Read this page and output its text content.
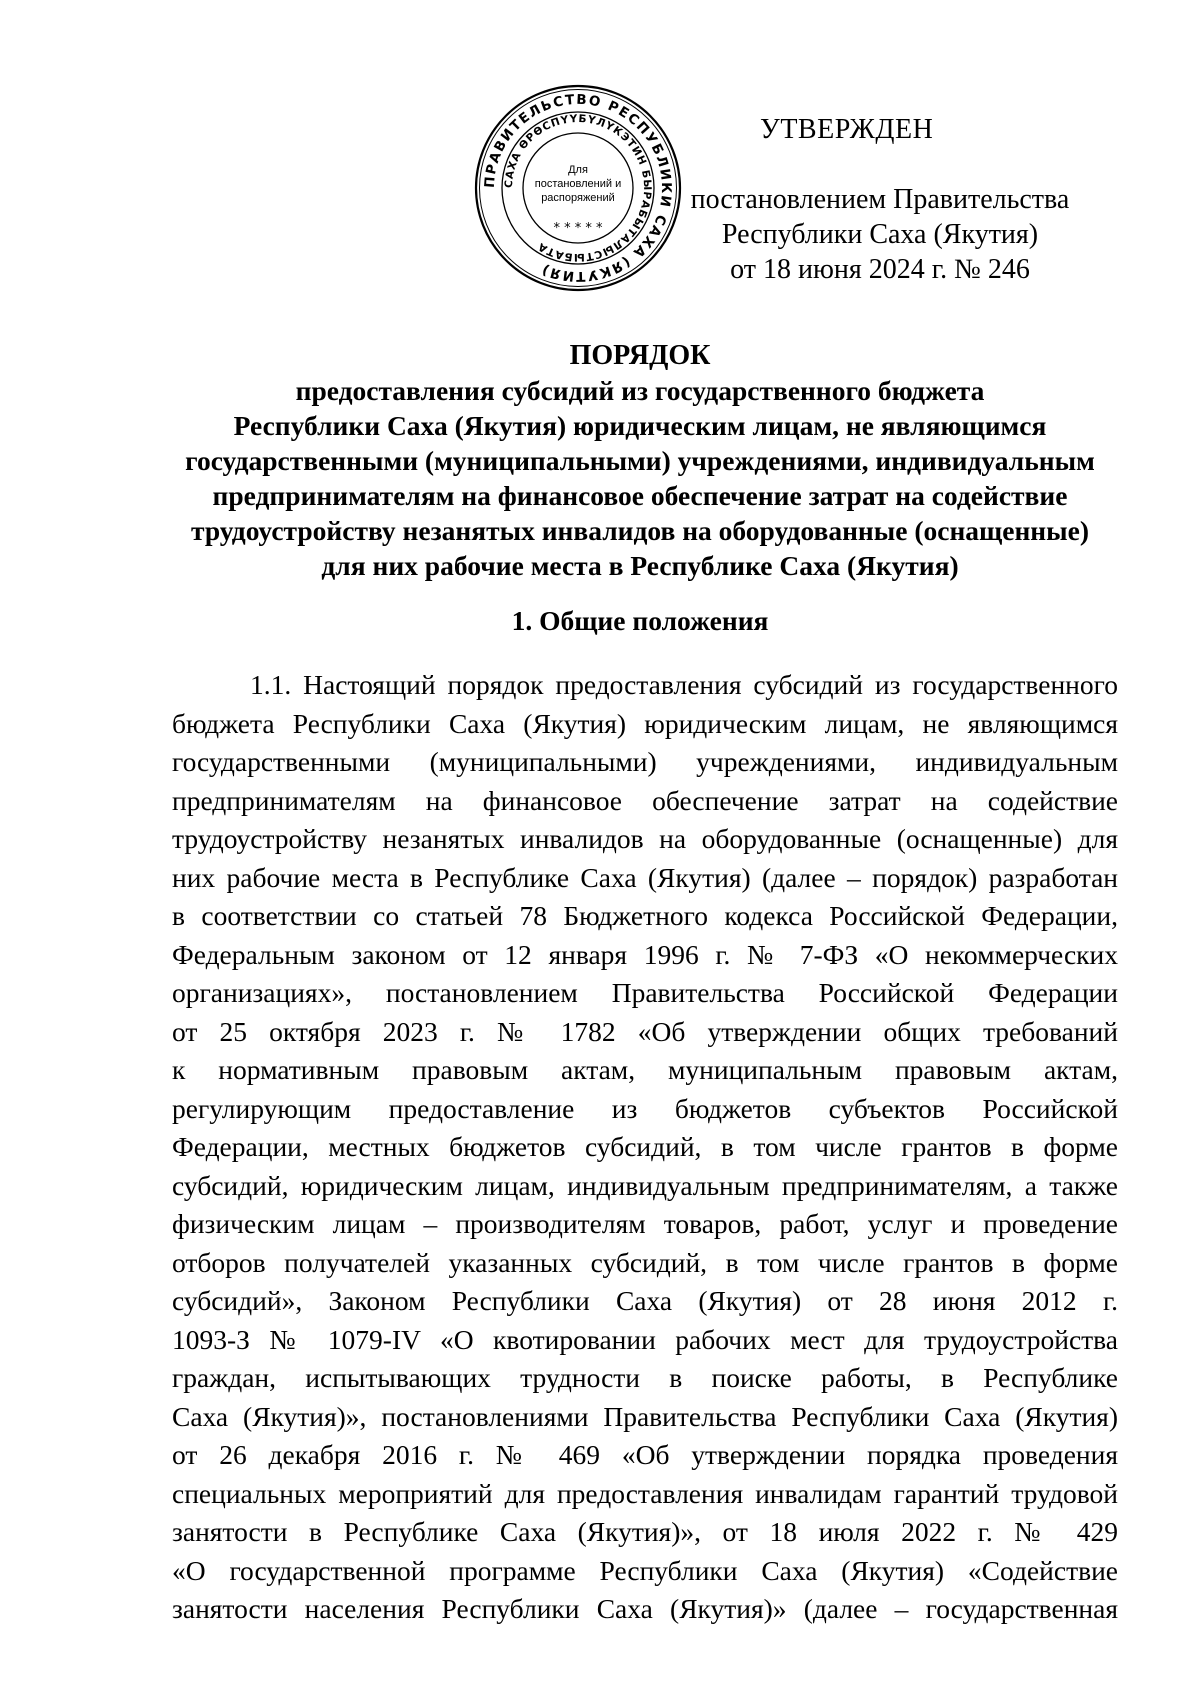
ПРАВИТЕЛЬСТВО РЕСПУБЛИКИ САХА (ЯКУТИЯ)
САХА ӨРӨСПҮҮБҮЛҮКЭТИН БЫРАБЫТАЛЫСТЫБАТА
Для
постановлений и
распоряжений
* * * * *
УТВЕРЖДЕН
постановлением Правительства
Республики Саха (Якутия)
от 18 июня 2024 г. № 246
ПОРЯДОК
предоставления субсидий из государственного бюджета
Республики Саха (Якутия) юридическим лицам, не являющимся
государственными (муниципальными) учреждениями, индивидуальным
предпринимателям на финансовое обеспечение затрат на содействие
трудоустройству незанятых инвалидов на оборудованные (оснащенные)
для них рабочие места в Республике Саха (Якутия)
1. Общие положения
1.1. Настоящий порядок предоставления субсидий из государственного
бюджета Республики Саха (Якутия) юридическим лицам, не являющимся
государственными (муниципальными) учреждениями, индивидуальным
предпринимателям на финансовое обеспечение затрат на содействие
трудоустройству незанятых инвалидов на оборудованные (оснащенные) для
них рабочие места в Республике Саха (Якутия) (далее – порядок) разработан
в соответствии со статьей 78 Бюджетного кодекса Российской Федерации,
Федеральным законом от 12 января 1996 г. № 7-ФЗ «О некоммерческих
организациях», постановлением Правительства Российской Федерации
от 25 октября 2023 г. № 1782 «Об утверждении общих требований
к нормативным правовым актам, муниципальным правовым актам,
регулирующим предоставление из бюджетов субъектов Российской
Федерации, местных бюджетов субсидий, в том числе грантов в форме
субсидий, юридическим лицам, индивидуальным предпринимателям, а также
физическим лицам – производителям товаров, работ, услуг и проведение
отборов получателей указанных субсидий, в том числе грантов в форме
субсидий», Законом Республики Саха (Якутия) от 28 июня 2012 г.
1093-З № 1079-IV «О квотировании рабочих мест для трудоустройства
граждан, испытывающих трудности в поиске работы, в Республике
Саха (Якутия)», постановлениями Правительства Республики Саха (Якутия)
от 26 декабря 2016 г. № 469 «Об утверждении порядка проведения
специальных мероприятий для предоставления инвалидам гарантий трудовой
занятости в Республике Саха (Якутия)», от 18 июля 2022 г. № 429
«О государственной программе Республики Саха (Якутия) «Содействие
занятости населения Республики Саха (Якутия)» (далее – государственная
